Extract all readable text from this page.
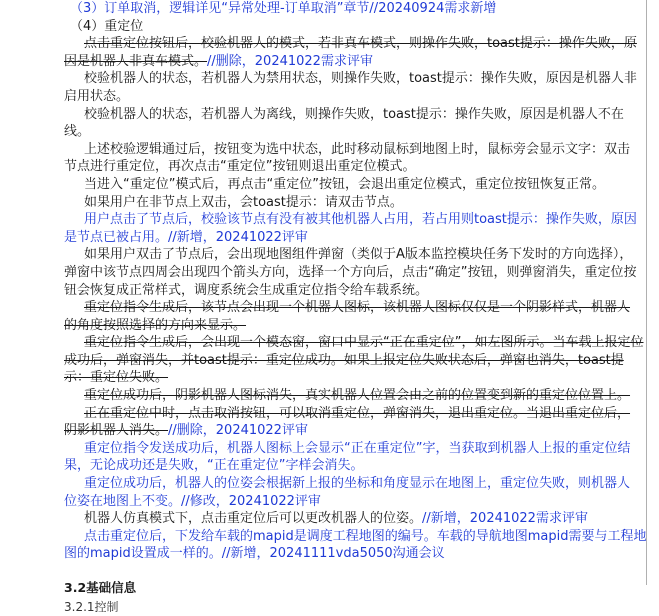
（3）订单取消，逻辑详见“异常处理-订单取消”章节//20240924需求新增

（4）重定位

点击重定位按钮后，校验机器人的模式，若非真车模式，则操作失败，toast提示：操作失败，原
因是机器人非真车模式。//删除，20241022需求评审

校验机器人的状态，若机器人为禁用状态，则操作失败，toast提示：操作失败，原因是机器人非
启用状态。

校验机器人的状态，若机器人为离线，则操作失败，toast提示：操作失败，原因是机器人不在
线。

上述校验逻辑通过后，按钮变为选中状态，此时移动鼠标到地图上时，鼠标旁会显示文字：双击
节点进行重定位，再次点击“重定位”按钮则退出重定位模式。

当进入“重定位”模式后，再点击“重定位”按钮，会退出重定位模式，重定位按钮恢复正常。

如果用户在非节点上双击，会toast提示：请双击节点。

用户点击了节点后，校验该节点有没有被其他机器人占用，若占用则toast提示：操作失败，原因
是节点已被占用。//新增，20241022评审

如果用户双击了节点后，会出现地图组件弹窗（类似于A版本监控模块任务下发时的方向选择），
弹窗中该节点四周会出现四个箭头方向，选择一个方向后，点击“确定”按钮，则弹窗消失，重定位按
钮会恢复成正常样式，调度系统会生成重定位指令给车载系统。

重定位指令生成后，该节点会出现一个机器人图标，该机器人图标仅仅是一个阴影样式，机器人
的角度按照选择的方向来显示。

重定位指令生成后，会出现一个模态窗，窗口中显示“正在重定位”，如左图所示。当车载上报定位
成功后，弹窗消失，并toast提示：重定位成功。如果上报定位失败状态后，弹窗也消失，toast提
示：重定位失败。

重定位成功后，阴影机器人图标消失，真实机器人位置会由之前的位置变到新的重定位位置上。

正在重定位中时，点击取消按钮，可以取消重定位，弹窗消失，退出重定位。当退出重定位后，
阴影机器人消失。//删除，20241022评审

重定位指令发送成功后，机器人图标上会显示“正在重定位”字，当获取到机器人上报的重定位结
果，无论成功还是失败，“正在重定位”字样会消失。

重定位成功后，机器人的位姿会根据新上报的坐标和角度显示在地图上，重定位失败，则机器人
位姿在地图上不变。//修改，20241022评审

机器人仿真模式下，点击重定位后可以更改机器人的位姿。//新增，20241022需求评审

点击重定位后，下发给车载的mapid是调度工程地图的编号。车载的导航地图mapid需要与工程地
图的mapid设置成一样的。//新增，20241111vda5050沟通会议

3.2基础信息

3.2.1控制
